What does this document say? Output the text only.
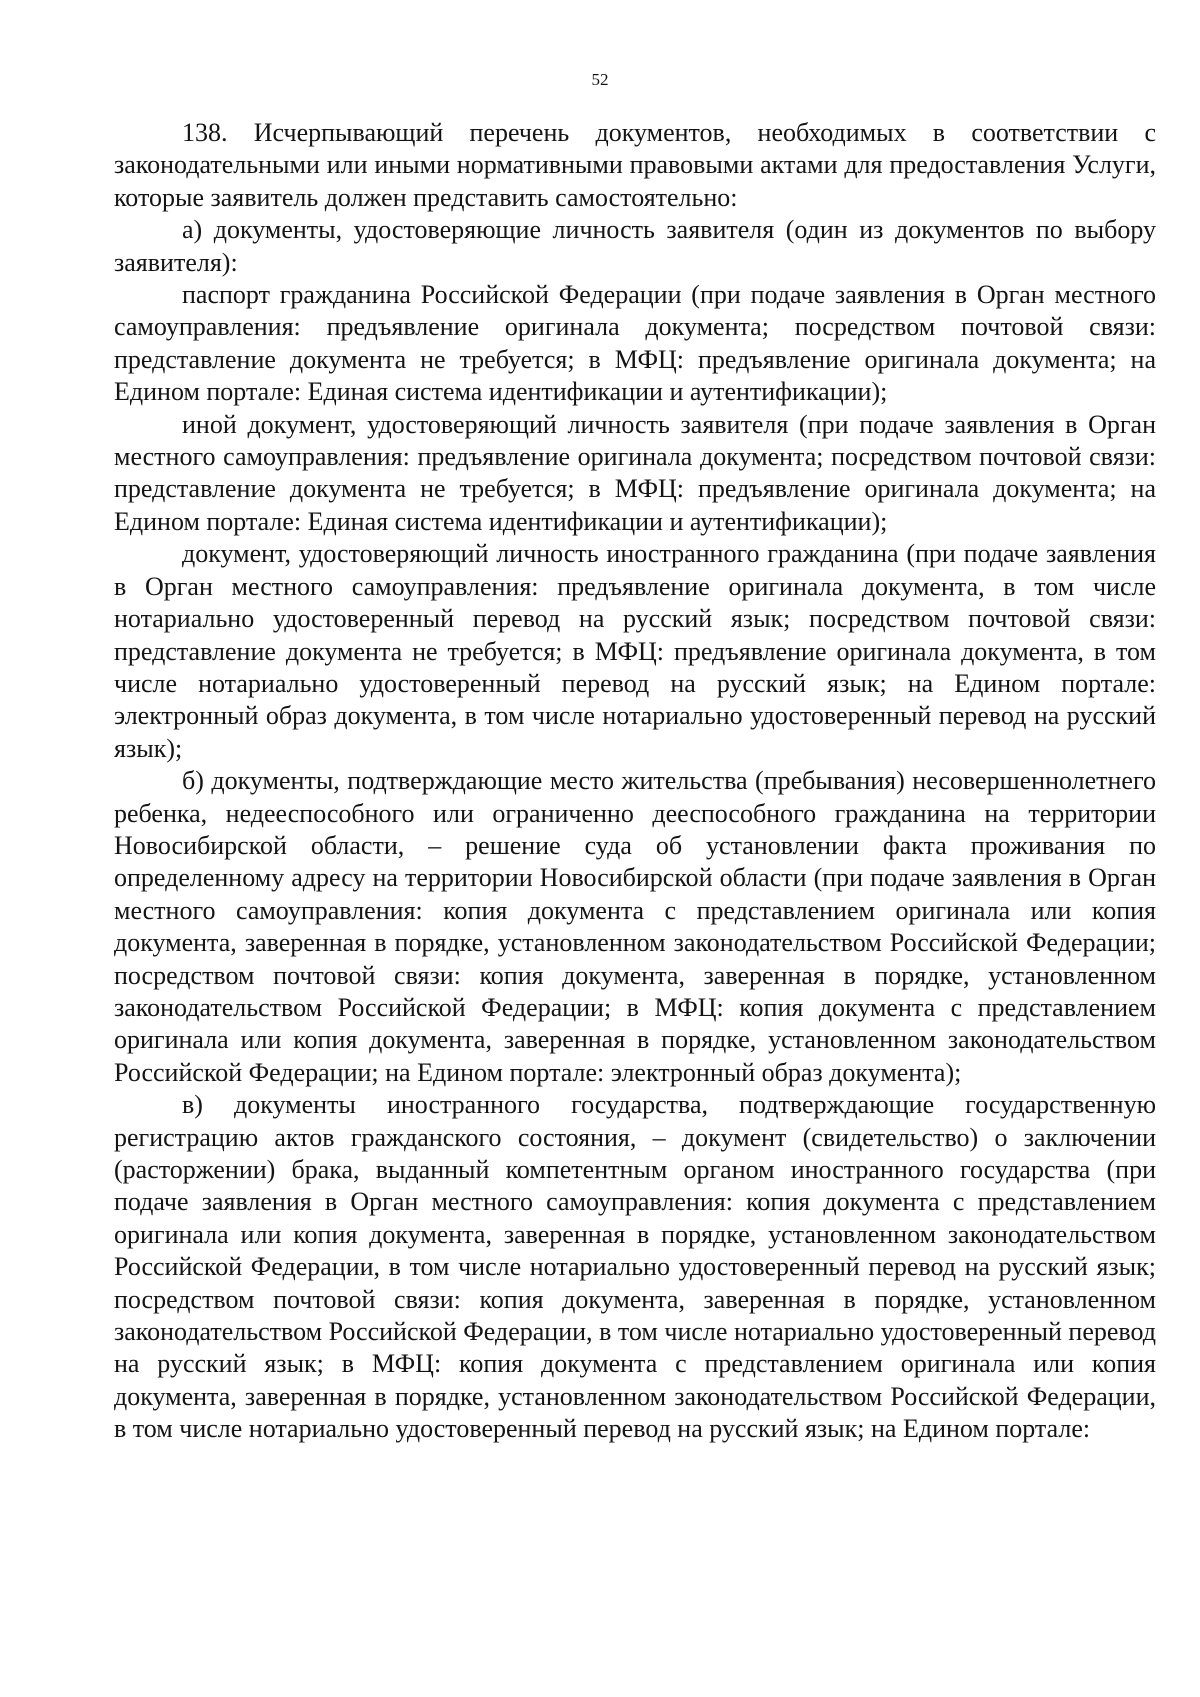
52

138. Исчерпывающий перечень документов, необходимых в соответствии с законодательными или иными нормативными правовыми актами для предоставления Услуги, которые заявитель должен представить самостоятельно:

а) документы, удостоверяющие личность заявителя (один из документов по выбору заявителя):

паспорт гражданина Российской Федерации (при подаче заявления в Орган местного самоуправления: предъявление оригинала документа; посредством почтовой связи: представление документа не требуется; в МФЦ: предъявление оригинала документа; на Едином портале: Единая система идентификации и аутентификации);

иной документ, удостоверяющий личность заявителя (при подаче заявления в Орган местного самоуправления: предъявление оригинала документа; посредством почтовой связи: представление документа не требуется; в МФЦ: предъявление оригинала документа; на Едином портале: Единая система идентификации и аутентификации);

документ, удостоверяющий личность иностранного гражданина (при подаче заявления в Орган местного самоуправления: предъявление оригинала документа, в том числе нотариально удостоверенный перевод на русский язык; посредством почтовой связи: представление документа не требуется; в МФЦ: предъявление оригинала документа, в том числе нотариально удостоверенный перевод на русский язык; на Едином портале: электронный образ документа, в том числе нотариально удостоверенный перевод на русский язык);

б) документы, подтверждающие место жительства (пребывания) несовершеннолетнего ребенка, недееспособного или ограниченно дееспособного гражданина на территории Новосибирской области, – решение суда об установлении факта проживания по определенному адресу на территории Новосибирской области (при подаче заявления в Орган местного самоуправления: копия документа с представлением оригинала или копия документа, заверенная в порядке, установленном законодательством Российской Федерации; посредством почтовой связи: копия документа, заверенная в порядке, установленном законодательством Российской Федерации; в МФЦ: копия документа с представлением оригинала или копия документа, заверенная в порядке, установленном законодательством Российской Федерации; на Едином портале: электронный образ документа);

в) документы иностранного государства, подтверждающие государственную регистрацию актов гражданского состояния, – документ (свидетельство) о заключении (расторжении) брака, выданный компетентным органом иностранного государства (при подаче заявления в Орган местного самоуправления: копия документа с представлением оригинала или копия документа, заверенная в порядке, установленном законодательством Российской Федерации, в том числе нотариально удостоверенный перевод на русский язык; посредством почтовой связи: копия документа, заверенная в порядке, установленном законодательством Российской Федерации, в том числе нотариально удостоверенный перевод на русский язык; в МФЦ: копия документа с представлением оригинала или копия документа, заверенная в порядке, установленном законодательством Российской Федерации, в том числе нотариально удостоверенный перевод на русский язык; на Едином портале:
